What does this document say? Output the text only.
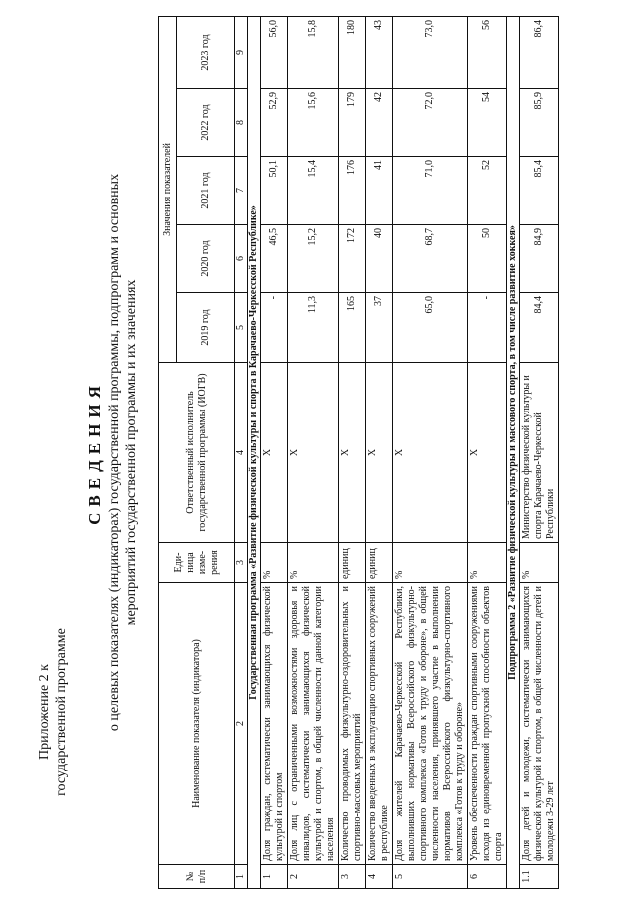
Приложение 2 к государственной программе
СВЕДЕНИЯ о целевых показателях (индикаторах) государственной программы, подпрограмм и основных мероприятий государственной программы и их значениях
№ п/п	Наименование показателя (индикатора)	Еди-ница изме-рения	Ответственный исполнитель государственной программы (ИОГВ)	Значения показателей				
				2019 год	2020 год	2021 год	2022 год	2023 год
1	2	3	4	5	6	7	8	9
Государственная программа «Развитие физической культуры и спорта в Карачаево-Черкесской Республике»								
1	Доля граждан, систематически занимающихся физической культурой и спортом	%	X	-	46,5	50,1	52,9	56,0
2	Доля лиц с ограниченными возможностями здоровья и инвалидов, систематически занимающихся физической культурой и спортом, в общей численности данной категории населения	%	X	11,3	15,2	15,4	15,6	15,8
3	Количество проводимых физкультурно-оздоровительных и спортивно-массовых мероприятий	единиц	X	165	172	176	179	180
4	Количество введенных в эксплуатацию спортивных сооружений в республике	единиц	X	37	40	41	42	43
5	Доля жителей Карачаево-Черкесской Республики, выполнивших нормативы Всероссийского физкультурно-спортивного комплекса «Готов к труду и обороне», в общей численности населения, принявшего участие в выполнении нормативов Всероссийского физкультурно-спортивного комплекса «Готов к труду и обороне»	%	X	65,0	68,7	71,0	72,0	73,0
6	Уровень обеспеченности граждан спортивными сооружениями исходя из единовременной пропускной способности объектов спорта	%	X	-	50	52	54	56
Подпрограмма 2 «Развитие физической культуры и массового спорта, в том числе развитие хоккея»								
1.1	Доля детей и молодежи, систематически занимающихся физической культурой и спортом, в общей численности детей и молодежи 3-29 лет	%	Министерство физической культуры и спорта Карачаево-Черкесской Республики	84,4	84,9	85,4	85,9	86,4
